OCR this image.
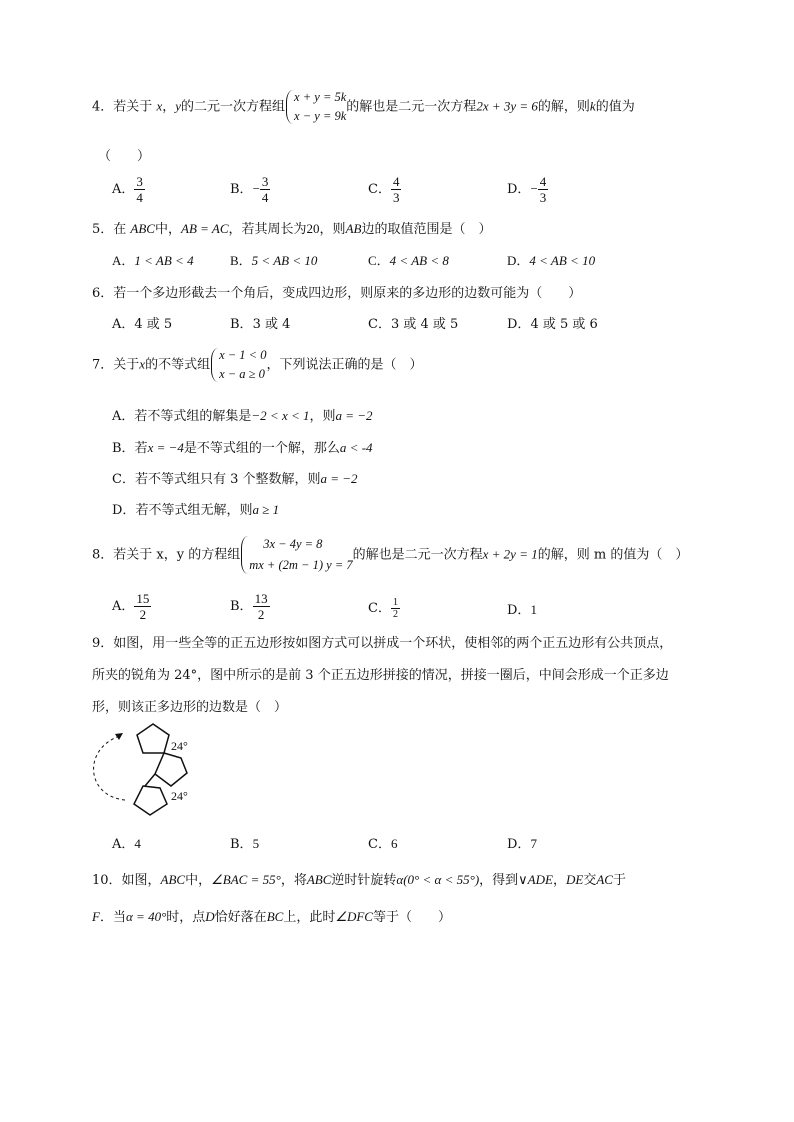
4．若关于 x，y的二元一次方程组
x + y = 5k
x − y = 9k
的解也是二元一次方程2x + 3y = 6的解，则k的值为
（　　）
A． $\frac{3}{4}$	B．− $\frac{3}{4}$	C． $\frac{4}{3}$	D．− $\frac{4}{3}$
5．在 ABC中，AB = AC，若其周长为20，则AB边的取值范围是（　）
A．1 < AB < 4	B．5 < AB < 10	C．4 < AB < 8	D．4 < AB < 10
6．若一个多边形截去一个角后，变成四边形，则原来的多边形的边数可能为（　　）
A．4 或 5	B．3 或 4	C．3 或 4 或 5	D．4 或 5 或 6
7．关于x的不等式组
x − 1 < 0
x − a ≥ 0
，下列说法正确的是（　）
A．若不等式组的解集是−2 < x < 1，则a = −2
B．若x = −4是不等式组的一个解，那么a < -4
C．若不等式组只有 3 个整数解，则a = −2
D．若不等式组无解，则a ≥ 1
8．若关于 x，y 的方程组
3x − 4y = 8
mx + (2m − 1) y = 7
的解也是二元一次方程x + 2y = 1的解，则 m 的值为（　）
A． $\frac{15}{2}$	B． $\frac{13}{2}$	C． $\frac{1}{2}$	D．1
9．如图，用一些全等的正五边形按如图方式可以拼成一个环状，使相邻的两个正五边形有公共顶点，
所夹的锐角为 24°，图中所示的是前 3 个正五边形拼接的情况，拼接一圈后，中间会形成一个正多边
形，则该正多边形的边数是（　）
24°
24°
A．4	B．5	C．6	D．7
10．如图，ABC中，∠BAC = 55°，将ABC逆时针旋转α(0° < α < 55°)，得到∨ADE，DE交AC于
F．当α = 40°时，点D恰好落在BC上，此时∠DFC等于（　　）
